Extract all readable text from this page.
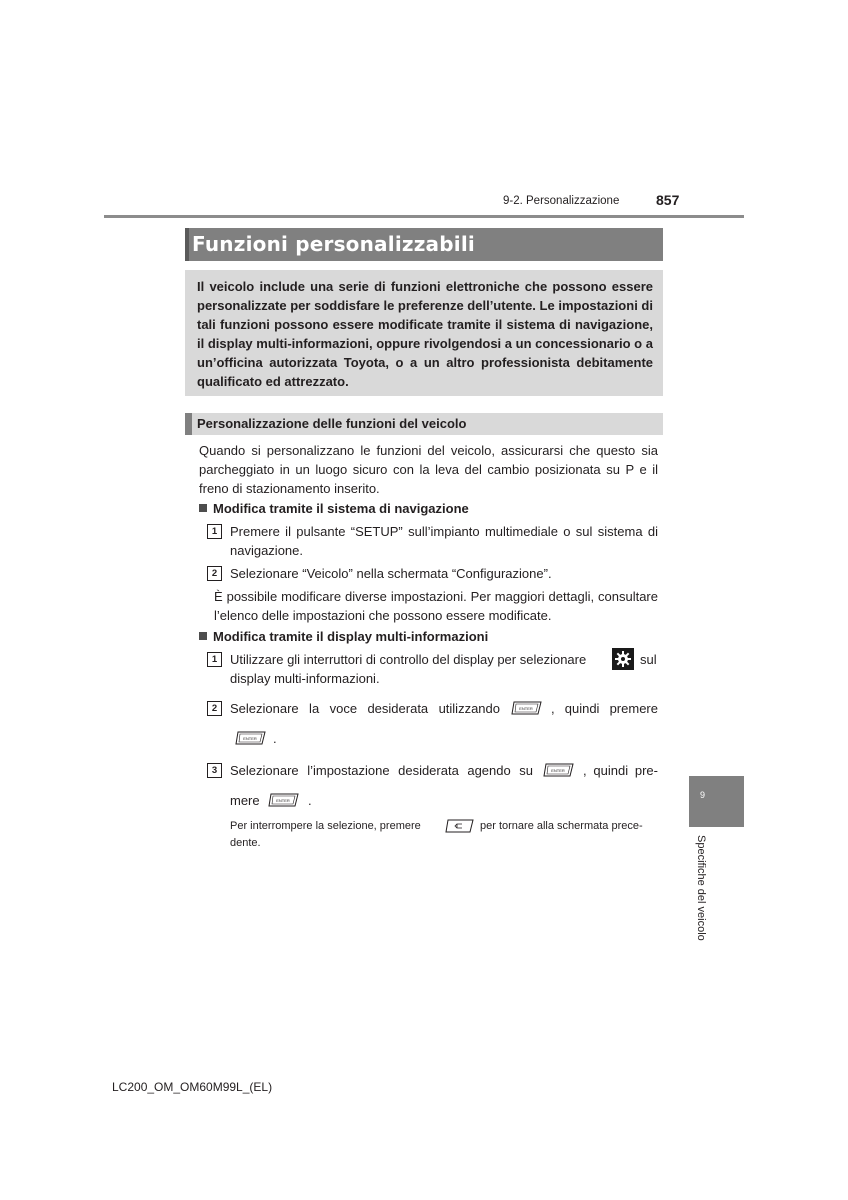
9-2. Personalizzazione	857
Funzioni personalizzabili
Il veicolo include una serie di funzioni elettroniche che possono essere personalizzate per soddisfare le preferenze dell’utente. Le impostazioni di tali funzioni possono essere modificate tramite il sistema di navigazione, il display multi-informazioni, oppure rivolgendosi a un concessionario o a un’officina autorizzata Toyota, o a un altro professionista debitamente qualificato ed attrezzato.
Personalizzazione delle funzioni del veicolo
Quando si personalizzano le funzioni del veicolo, assicurarsi che questo sia parcheggiato in un luogo sicuro con la leva del cambio posizionata su P e il freno di stazionamento inserito.
Modifica tramite il sistema di navigazione
1 Premere il pulsante “SETUP” sull’impianto multimediale o sul sistema di navigazione.
2 Selezionare “Veicolo” nella schermata “Configurazione”.
È possibile modificare diverse impostazioni. Per maggiori dettagli, consultare l’elenco delle impostazioni che possono essere modificate.
Modifica tramite il display multi-informazioni
1 Utilizzare gli interruttori di controllo del display per selezionare	sul
display multi-informazioni.
2 Selezionare la voce desiderata utilizzando	ENTER , quindi premere
ENTER .
3 Selezionare l’impostazione desiderata agendo su	ENTER , quindi pre-
mere	ENTER .
Per interrompere la selezione, premere	per tornare alla schermata prece-
dente.
9
Specifiche del veicolo
LC200_OM_OM60M99L_(EL)
